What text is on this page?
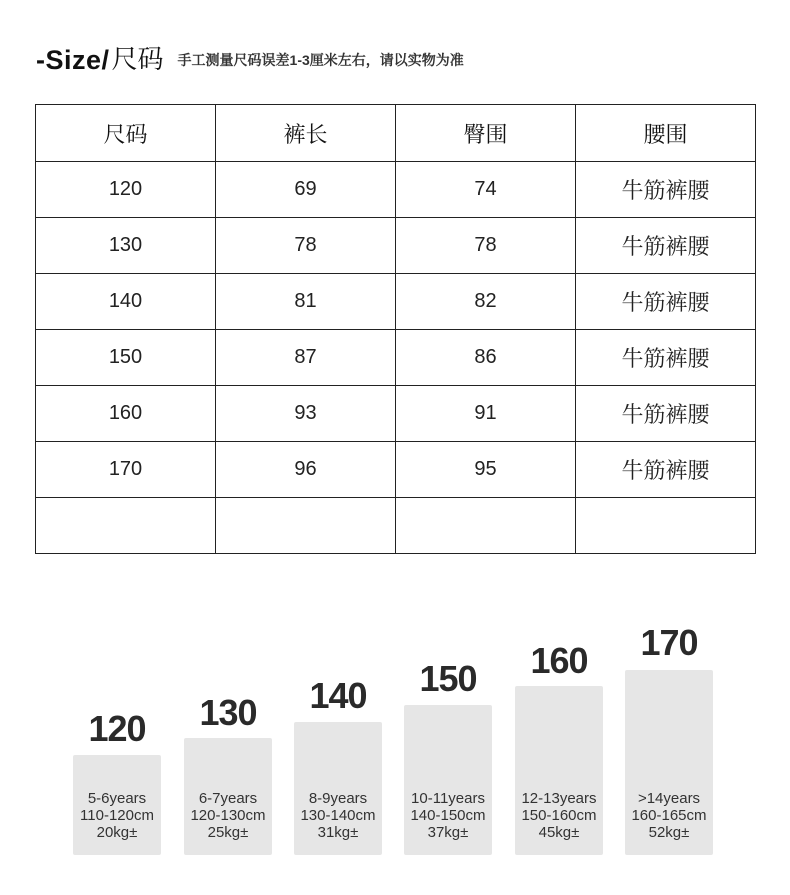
-Size/ 尺码 手工测量尺码误差1-3厘米左右，请以实物为准
尺码	裤长	臀围	腰围
120	69	74	牛筋裤腰
130	78	78	牛筋裤腰
140	81	82	牛筋裤腰
150	87	86	牛筋裤腰
160	93	91	牛筋裤腰
170	96	95	牛筋裤腰

120
5-6years
110-120cm
20kg±
130
6-7years
120-130cm
25kg±
140
8-9years
130-140cm
31kg±
150
10-11years
140-150cm
37kg±
160
12-13years
150-160cm
45kg±
170
>14years
160-165cm
52kg±
